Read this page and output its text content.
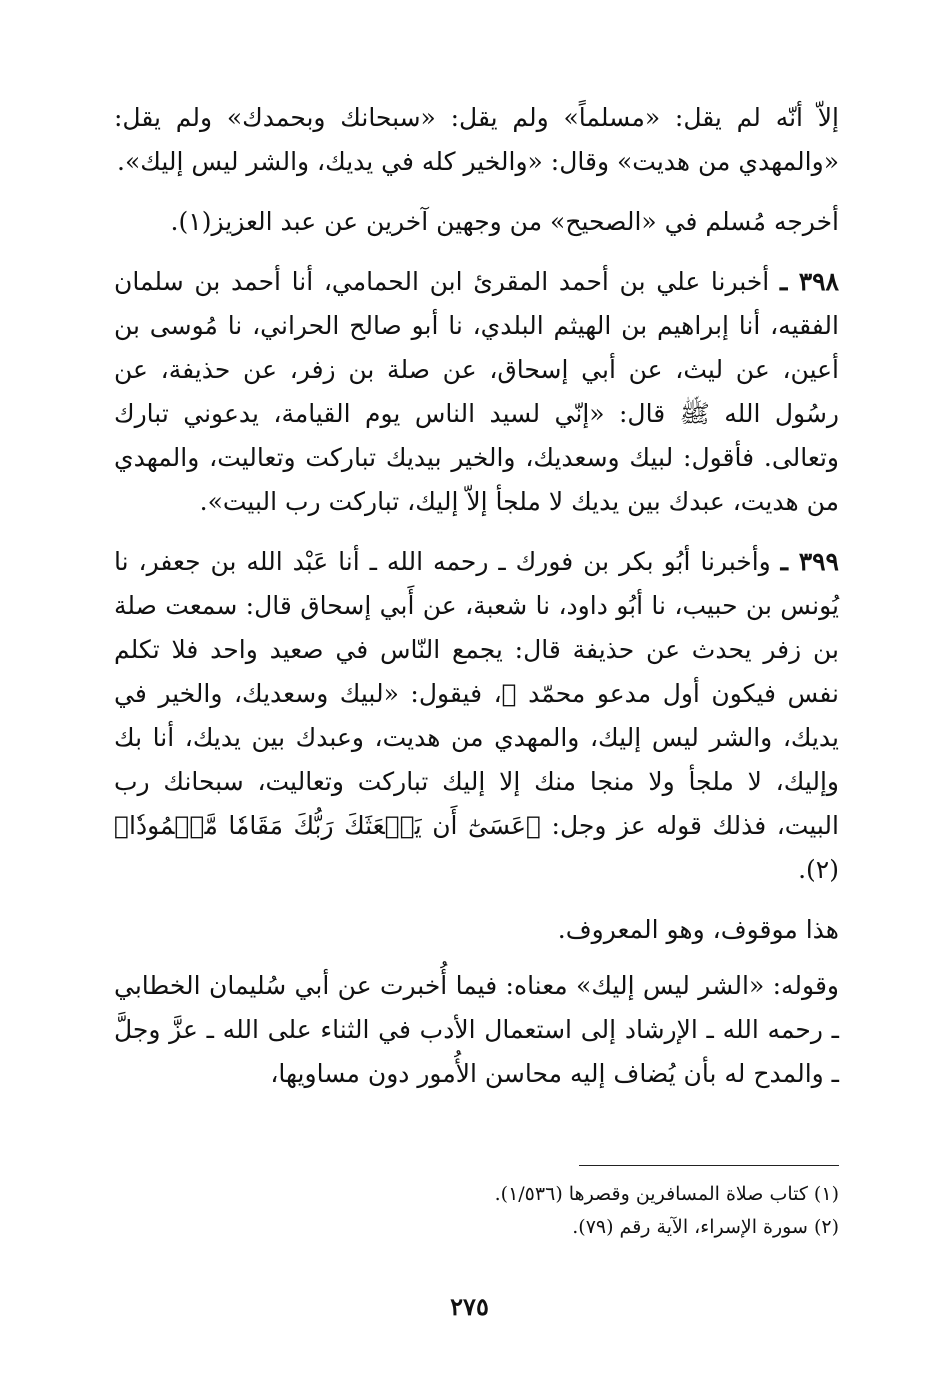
إلاّ أنّه لم يقل: «مسلماً» ولم يقل: «سبحانك وبحمدك» ولم يقل: «والمهدي من هديت» وقال: «والخير كله في يديك، والشر ليس إليك».

أخرجه مُسلم في «الصحيح» من وجهين آخرين عن عبد العزيز(١).

٣٩٨ ـ أخبرنا علي بن أحمد المقرئ ابن الحمامي، أنا أحمد بن سلمان الفقيه، أنا إبراهيم بن الهيثم البلدي، نا أبو صالح الحراني، نا مُوسى بن أعين، عن ليث، عن أبي إسحاق، عن صلة بن زفر، عن حذيفة، عن رسُول الله ﷺ قال: «إنّي لسيد الناس يوم القيامة، يدعوني تبارك وتعالى. فأقول: لبيك وسعديك، والخير بيديك تباركت وتعاليت، والمهدي من هديت، عبدك بين يديك لا ملجأ إلاّ إليك، تباركت رب البيت».

٣٩٩ ـ وأخبرنا أبُو بكر بن فورك ـ رحمه الله ـ أنا عَبْد الله بن جعفر، نا يُونس بن حبيب، نا أبُو داود، نا شعبة، عن أَبي إسحاق قال: سمعت صلة بن زفر يحدث عن حذيفة قال: يجمع النّاس في صعيد واحد فلا تكلم نفس فيكون أول مدعو محمّد ﷺ، فيقول: «لبيك وسعديك، والخير في يديك، والشر ليس إليك، والمهدي من هديت، وعبدك بين يديك، أنا بك وإليك، لا ملجأ ولا منجا منك إلا إليك تباركت وتعاليت، سبحانك رب البيت، فذلك قوله عز وجل: ﴿عَسَىٰٓ أَن يَبۡعَثَكَ رَبُّكَ مَقَامٗا مَّحۡمُودٗا﴾(٢).

هذا موقوف، وهو المعروف.

وقوله: «الشر ليس إليك» معناه: فيما أُخبرت عن أبي سُليمان الخطابي ـ رحمه الله ـ الإرشاد إلى استعمال الأدب في الثناء على الله ـ عزَّ وجلَّ ـ والمدح له بأن يُضاف إليه محاسن الأُمور دون مساويها،

(١) كتاب صلاة المسافرين وقصرها (١/٥٣٦).

(٢) سورة الإسراء، الآية رقم (٧٩).

٢٧٥
